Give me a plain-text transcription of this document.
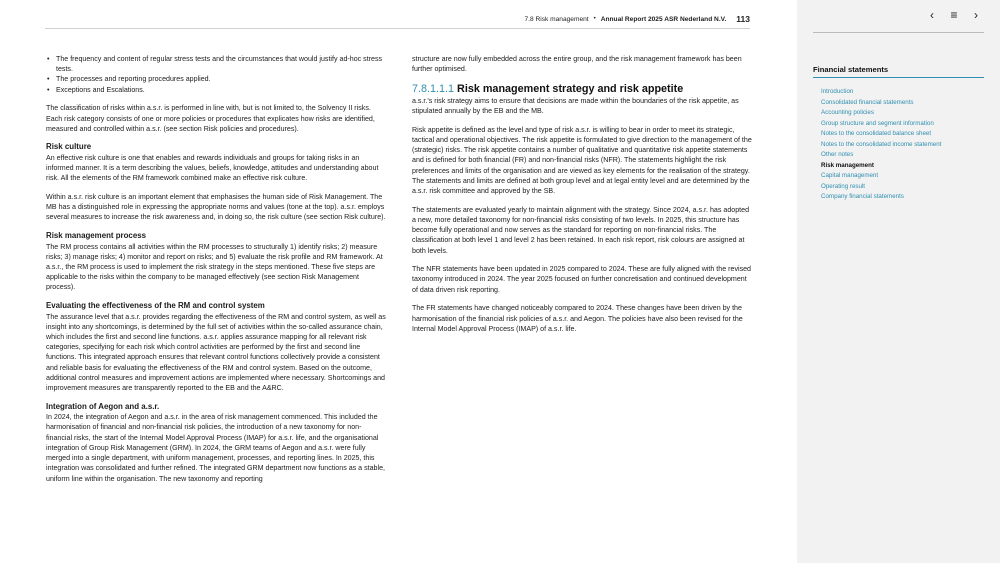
7.8 Risk management • Annual Report 2025 ASR Nederland N.V. 113
• The frequency and content of regular stress tests and the circumstances that would justify ad-hoc stress tests.
• The processes and reporting procedures applied.
• Exceptions and Escalations.

The classification of risks within a.s.r. is performed in line with, but is not limited to, the Solvency II risks. Each risk category consists of one or more policies or procedures that explicates how risks are identified, measured and controlled within a.s.r. (see section Risk policies and procedures).

Risk culture

An effective risk culture is one that enables and rewards individuals and groups for taking risks in an informed manner. It is a term describing the values, beliefs, knowledge, attitudes and understanding about risk. All the elements of the RM framework combined make an effective risk culture.

Within a.s.r. risk culture is an important element that emphasises the human side of Risk Management. The MB has a distinguished role in expressing the appropriate norms and values (tone at the top). a.s.r. employs several measures to increase the risk awareness and, in doing so, the risk culture (see section Risk culture).

Risk management process

The RM process contains all activities within the RM processes to structurally 1) identify risks; 2) measure risks; 3) manage risks; 4) monitor and report on risks; and 5) evaluate the risk profile and RM framework. At a.s.r., the RM process is used to implement the risk strategy in the steps mentioned. These five steps are applicable to the risks within the company to be managed effectively (see section Risk Management process).

Evaluating the effectiveness of the RM and control system

The assurance level that a.s.r. provides regarding the effectiveness of the RM and control system, as well as insight into any shortcomings, is determined by the full set of activities within the so-called assurance chain, which includes the first and second line functions. a.s.r. applies assurance mapping for all relevant risk categories, specifying for each risk which control activities are performed by the first and second line functions. This integrated approach ensures that relevant control functions collectively provide a consistent and reliable basis for evaluating the effectiveness of the RM and control system. Based on the outcome, additional control measures and improvement actions are implemented where necessary. Shortcomings and improvement measures are transparently reported to the EB and the A&RC.

Integration of Aegon and a.s.r.

In 2024, the integration of Aegon and a.s.r. in the area of risk management commenced. This included the harmonisation of financial and non-financial risk policies, the introduction of a new taxonomy for non-financial risks, the start of the Internal Model Approval Process (IMAP) for a.s.r. life, and the organisational integration of Group Risk Management (GRM). In 2024, the GRM teams of Aegon and a.s.r. were fully merged into a single department, with uniform management, processes, and reporting lines. In 2025, this integration was consolidated and further refined. The integrated GRM department now functions as a stable, uniform line within the organisation. The new taxonomy and reporting

structure are now fully embedded across the entire group, and the risk management framework has been further optimised.

7.8.1.1.1 Risk management strategy and risk appetite

a.s.r.'s risk strategy aims to ensure that decisions are made within the boundaries of the risk appetite, as stipulated annually by the EB and the MB.

Risk appetite is defined as the level and type of risk a.s.r. is willing to bear in order to meet its strategic, tactical and operational objectives. The risk appetite is formulated to give direction to the management of the (strategic) risks. The risk appetite contains a number of qualitative and quantitative risk appetite statements and is defined for both financial (FR) and non-financial risks (NFR). The statements highlight the risk preferences and limits of the organisation and are viewed as key elements for the realisation of the strategy. The statements and limits are defined at both group level and at legal entity level and are determined by the a.s.r. risk committee and approved by the SB.

The statements are evaluated yearly to maintain alignment with the strategy. Since 2024, a.s.r. has adopted a new, more detailed taxonomy for non-financial risks consisting of two levels. In 2025, this structure has become fully operational and now serves as the standard for reporting on non-financial risks. The classification at both level 1 and level 2 has been retained. In each risk report, risk colours are assigned at both levels.

The NFR statements have been updated in 2025 compared to 2024. These are fully aligned with the revised taxonomy introduced in 2024. The year 2025 focused on further concretisation and continued development of data driven risk reporting.

The FR statements have changed noticeably compared to 2024. These changes have been driven by the harmonisation of the financial risk policies of a.s.r. and Aegon. The policies have also been revised for the Internal Model Approval Process (IMAP) of a.s.r. life.

‹	≡	›
Financial statements
Introduction
Consolidated financial statements
Accounting policies
Group structure and segment information
Notes to the consolidated balance sheet
Notes to the consolidated income statement
Other notes
Risk management
Capital management
Operating result
Company financial statements
